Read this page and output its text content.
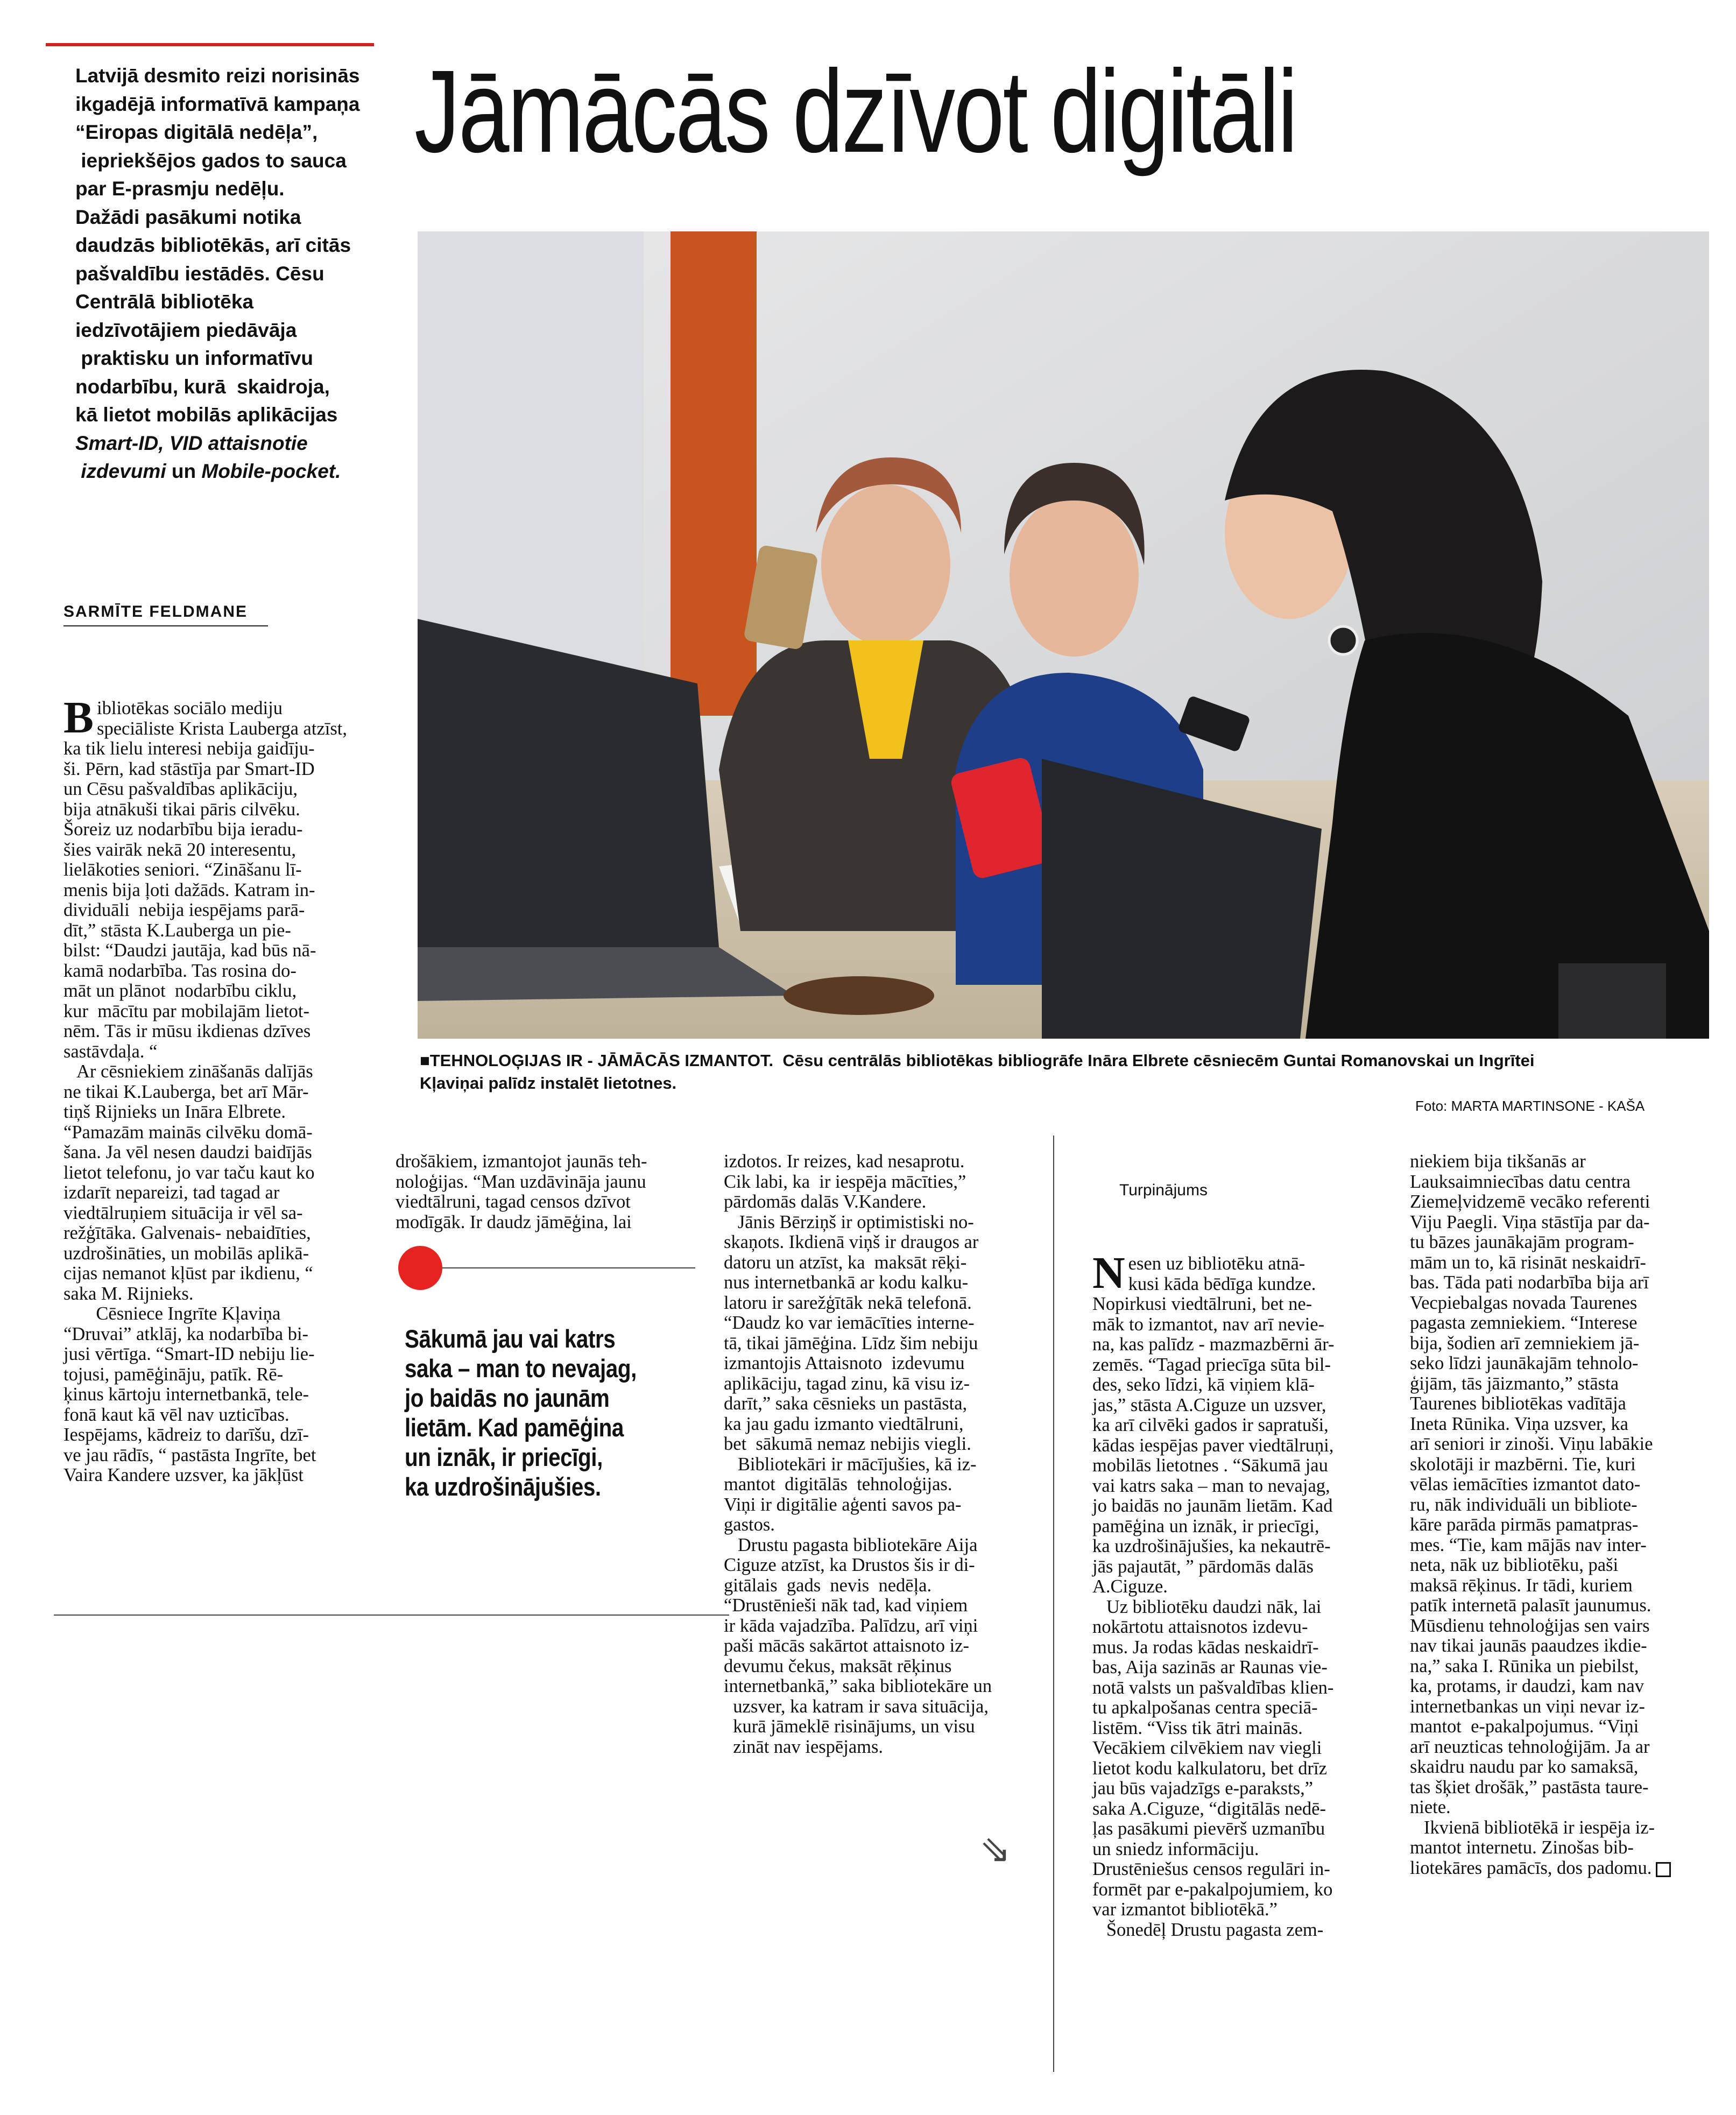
Latvijā desmito reizi norisinās
ikgadējā informatīvā kampaņa
“Eiropas digitālā nedēļa”,
iepriekšējos gados to sauca
par E-prasmju nedēļu.
Dažādi pasākumi notika
daudzās bibliotēkās, arī citās
pašvaldību iestādēs. Cēsu
Centrālā bibliotēka
iedzīvotājiem piedāvāja
praktisku un informatīvu
nodarbību, kurā  skaidroja,
kā lietot mobilās aplikācijas
Smart-ID, VID attaisnotie
izdevumi un Mobile-pocket.
Jāmācās dzīvot digitāli
SARMĪTE FELDMANE
Bibliotēkas sociālo mediju
speciāliste Krista Lauberga atzīst,
ka tik lielu interesi nebija gaidīju-
ši. Pērn, kad stāstīja par Smart-ID
un Cēsu pašvaldības aplikāciju,
bija atnākuši tikai pāris cilvēku.
Šoreiz uz nodarbību bija ieradu-
šies vairāk nekā 20 interesentu,
lielākoties seniori. “Zināšanu lī-
menis bija ļoti dažāds. Katram in-
dividuāli  nebija iespējams parā-
dīt,” stāsta K.Lauberga un pie-
bilst: “Daudzi jautāja, kad būs nā-
kamā nodarbība. Tas rosina do-
māt un plānot  nodarbību ciklu,
kur  mācītu par mobilajām lietot-
nēm. Tās ir mūsu ikdienas dzīves
sastāvdaļa. “
Ar cēsniekiem zināšanās dalījās
ne tikai K.Lauberga, bet arī Mār-
tiņš Rijnieks un Ināra Elbrete.
“Pamazām mainās cilvēku domā-
šana. Ja vēl nesen daudzi baidījās
lietot telefonu, jo var taču kaut ko
izdarīt nepareizi, tad tagad ar
viedtālruņiem situācija ir vēl sa-
režģītāka. Galvenais- nebaidīties,
uzdrošināties, un mobilās aplikā-
cijas nemanot kļūst par ikdienu, “
saka M. Rijnieks.
Cēsniece Ingrīte Kļaviņa
“Druvai” atklāj, ka nodarbība bi-
jusi vērtīga. “Smart-ID nebiju lie-
tojusi, pamēģināju, patīk. Rē-
ķinus kārtoju internetbankā, tele-
fonā kaut kā vēl nav uzticības.
Iespējams, kādreiz to darīšu, dzī-
ve jau rādīs, “ pastāsta Ingrīte, bet
Vaira Kandere uzsver, ka jākļūst
■TEHNOLOĢIJAS IR - JĀMĀCĀS IZMANTOT.  Cēsu centrālās bibliotēkas bibliogrāfe Ināra Elbrete cēsniecēm Guntai Romanovskai un Ingrītei
Kļaviņai palīdz instalēt lietotnes.
Foto: MARTA MARTINSONE - KAŠA
drošākiem, izmantojot jaunās teh-
noloģijas. “Man uzdāvināja jaunu
viedtālruni, tagad censos dzīvot
modīgāk. Ir daudz jāmēģina, lai
Sākumā jau vai katrs
saka – man to nevajag,
jo baidās no jaunām
lietām. Kad pamēģina
un iznāk, ir priecīgi,
ka uzdrošinājušies.
izdotos. Ir reizes, kad nesaprotu.
Cik labi, ka  ir iespēja mācīties,”
pārdomās dalās V.Kandere.
Jānis Bērziņš ir optimistiski no-
skaņots. Ikdienā viņš ir draugos ar
datoru un atzīst, ka  maksāt rēķi-
nus internetbankā ar kodu kalku-
latoru ir sarežģītāk nekā telefonā.
“Daudz ko var iemācīties interne-
tā, tikai jāmēģina. Līdz šim nebiju
izmantojis Attaisnoto  izdevumu
aplikāciju, tagad zinu, kā visu iz-
darīt,” saka cēsnieks un pastāsta,
ka jau gadu izmanto viedtālruni,
bet  sākumā nemaz nebijis viegli.
Bibliotekāri ir mācījušies, kā iz-
mantot  digitālās  tehnoloģijas.
Viņi ir digitālie aģenti savos pa-
gastos.
Drustu pagasta bibliotekāre Aija
Ciguze atzīst, ka Drustos šis ir di-
gitālais  gads  nevis  nedēļa.
“Drustēnieši nāk tad, kad viņiem
ir kāda vajadzība. Palīdzu, arī viņi
paši mācās sakārtot attaisnoto iz-
devumu čekus, maksāt rēķinus
internetbankā,” saka bibliotekāre un
uzsver, ka katram ir sava situācija,
kurā jāmeklē risinājums, un visu
zināt nav iespējams.
⇘
Turpinājums
Nesen uz bibliotēku atnā-
kusi kāda bēdīga kundze.
Nopirkusi viedtālruni, bet ne-
māk to izmantot, nav arī nevie-
na, kas palīdz - mazmazbērni ār-
zemēs. “Tagad priecīga sūta bil-
des, seko līdzi, kā viņiem klā-
jas,” stāsta A.Ciguze un uzsver,
ka arī cilvēki gados ir sapratuši,
kādas iespējas paver viedtālruņi,
mobilās lietotnes . “Sākumā jau
vai katrs saka – man to nevajag,
jo baidās no jaunām lietām. Kad
pamēģina un iznāk, ir priecīgi,
ka uzdrošinājušies, ka nekautrē-
jās pajautāt, ” pārdomās dalās
A.Ciguze.
Uz bibliotēku daudzi nāk, lai
nokārtotu attaisnotos izdevu-
mus. Ja rodas kādas neskaidrī-
bas, Aija sazinās ar Raunas vie-
notā valsts un pašvaldības klien-
tu apkalpošanas centra speciā-
listēm. “Viss tik ātri mainās.
Vecākiem cilvēkiem nav viegli
lietot kodu kalkulatoru, bet drīz
jau būs vajadzīgs e-paraksts,”
saka A.Ciguze, “digitālās nedē-
ļas pasākumi pievērš uzmanību
un sniedz informāciju.
Drustēniešus censos regulāri in-
formēt par e-pakalpojumiem, ko
var izmantot bibliotēkā.”
Šonedēļ Drustu pagasta zem-
niekiem bija tikšanās ar
Lauksaimniecības datu centra
Ziemeļvidzemē vecāko referenti
Viju Paegli. Viņa stāstīja par da-
tu bāzes jaunākajām program-
mām un to, kā risināt neskaidrī-
bas. Tāda pati nodarbība bija arī
Vecpiebalgas novada Taurenes
pagasta zemniekiem. “Interese
bija, šodien arī zemniekiem jā-
seko līdzi jaunākajām tehnolo-
ģijām, tās jāizmanto,” stāsta
Taurenes bibliotēkas vadītāja
Ineta Rūnika. Viņa uzsver, ka
arī seniori ir zinoši. Viņu labākie
skolotāji ir mazbērni. Tie, kuri
vēlas iemācīties izmantot dato-
ru, nāk individuāli un bibliote-
kāre parāda pirmās pamatpras-
mes. “Tie, kam mājās nav inter-
neta, nāk uz bibliotēku, paši
maksā rēķinus. Ir tādi, kuriem
patīk internetā palasīt jaunumus.
Mūsdienu tehnoloģijas sen vairs
nav tikai jaunās paaudzes ikdie-
na,” saka I. Rūnika un piebilst,
ka, protams, ir daudzi, kam nav
internetbankas un viņi nevar iz-
mantot  e-pakalpojumus. “Viņi
arī neuzticas tehnoloģijām. Ja ar
skaidru naudu par ko samaksā,
tas šķiet drošāk,” pastāsta taure-
niete.
Ikvienā bibliotēkā ir iespēja iz-
mantot internetu. Zinošas bib-
liotekāres pamācīs, dos padomu.
